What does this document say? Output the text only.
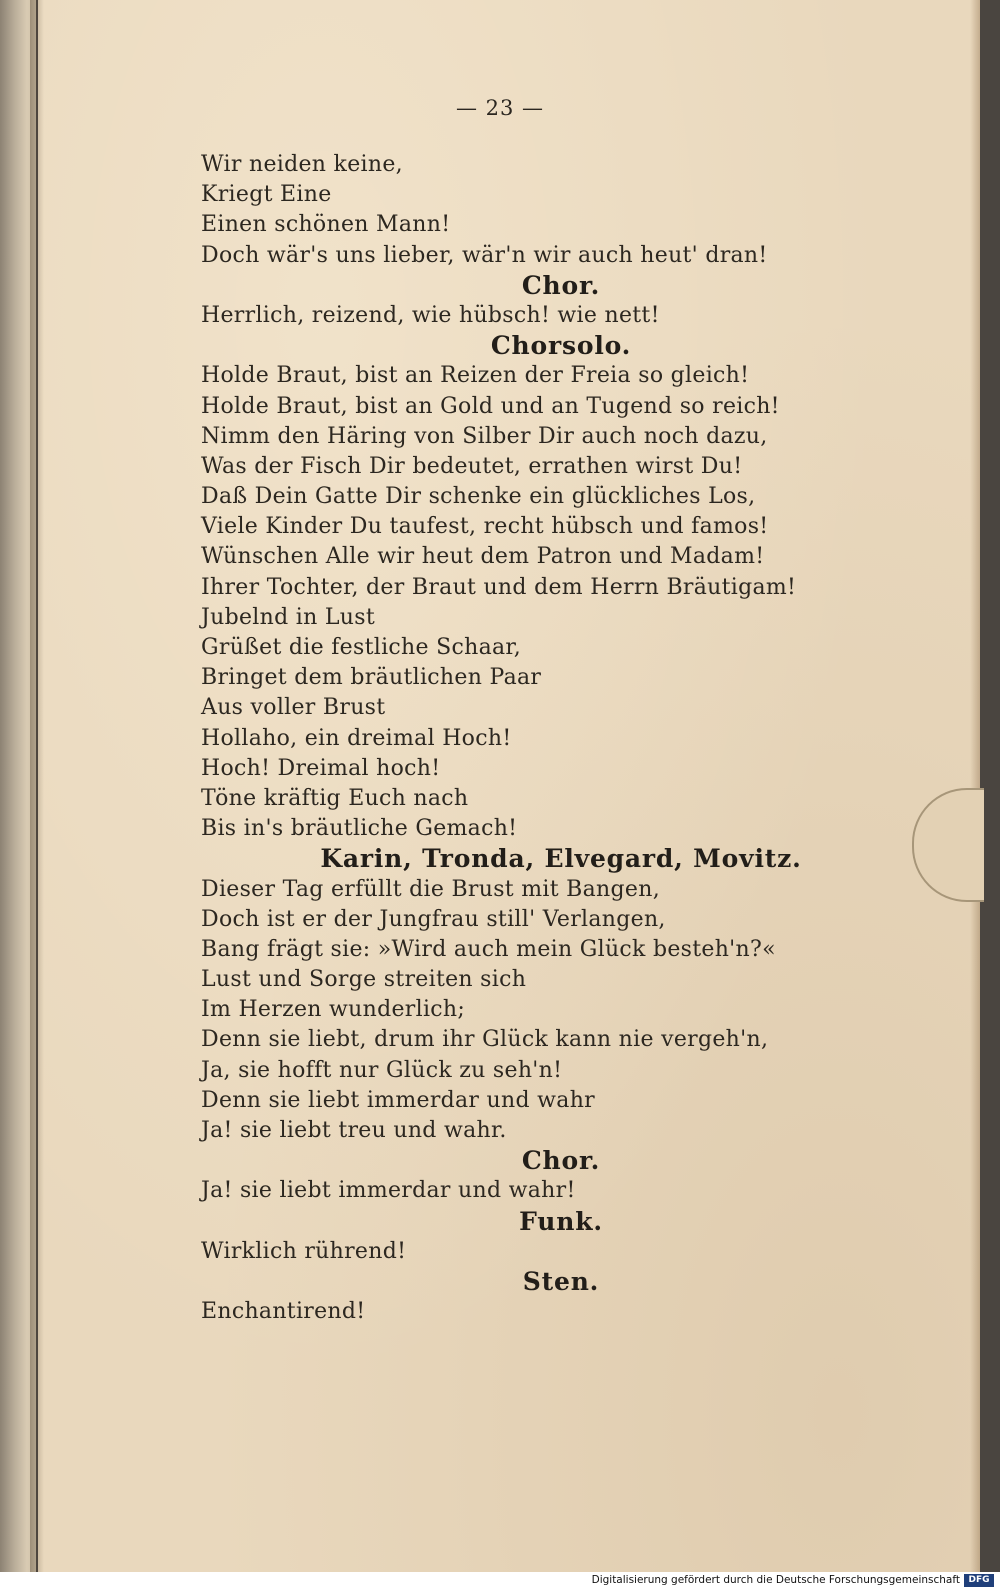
— 23 —
Wir neiden keine,
Kriegt Eine
Einen schönen Mann!
Doch wär's uns lieber, wär'n wir auch heut' dran!
Chor.
Herrlich, reizend, wie hübsch! wie nett!
Chorsolo.
Holde Braut, bist an Reizen der Freia so gleich!
Holde Braut, bist an Gold und an Tugend so reich!
Nimm den Häring von Silber Dir auch noch dazu,
Was der Fisch Dir bedeutet, errathen wirst Du!
Daß Dein Gatte Dir schenke ein glückliches Los,
Viele Kinder Du taufest, recht hübsch und famos!
Wünschen Alle wir heut dem Patron und Madam!
Ihrer Tochter, der Braut und dem Herrn Bräutigam!
Jubelnd in Lust
Grüßet die festliche Schaar,
Bringet dem bräutlichen Paar
Aus voller Brust
Hollaho, ein dreimal Hoch!
Hoch! Dreimal hoch!
Töne kräftig Euch nach
Bis in's bräutliche Gemach!
Karin, Tronda, Elvegard, Movitz.
Dieser Tag erfüllt die Brust mit Bangen,
Doch ist er der Jungfrau still' Verlangen,
Bang frägt sie: »Wird auch mein Glück besteh'n?«
Lust und Sorge streiten sich
Im Herzen wunderlich;
Denn sie liebt, drum ihr Glück kann nie vergeh'n,
Ja, sie hofft nur Glück zu seh'n!
Denn sie liebt immerdar und wahr
Ja! sie liebt treu und wahr.
Chor.
Ja! sie liebt immerdar und wahr!
Funk.
Wirklich rührend!
Sten.
Enchantirend!
Digitalisierung gefördert durch die Deutsche Forschungsgemeinschaft DFG
